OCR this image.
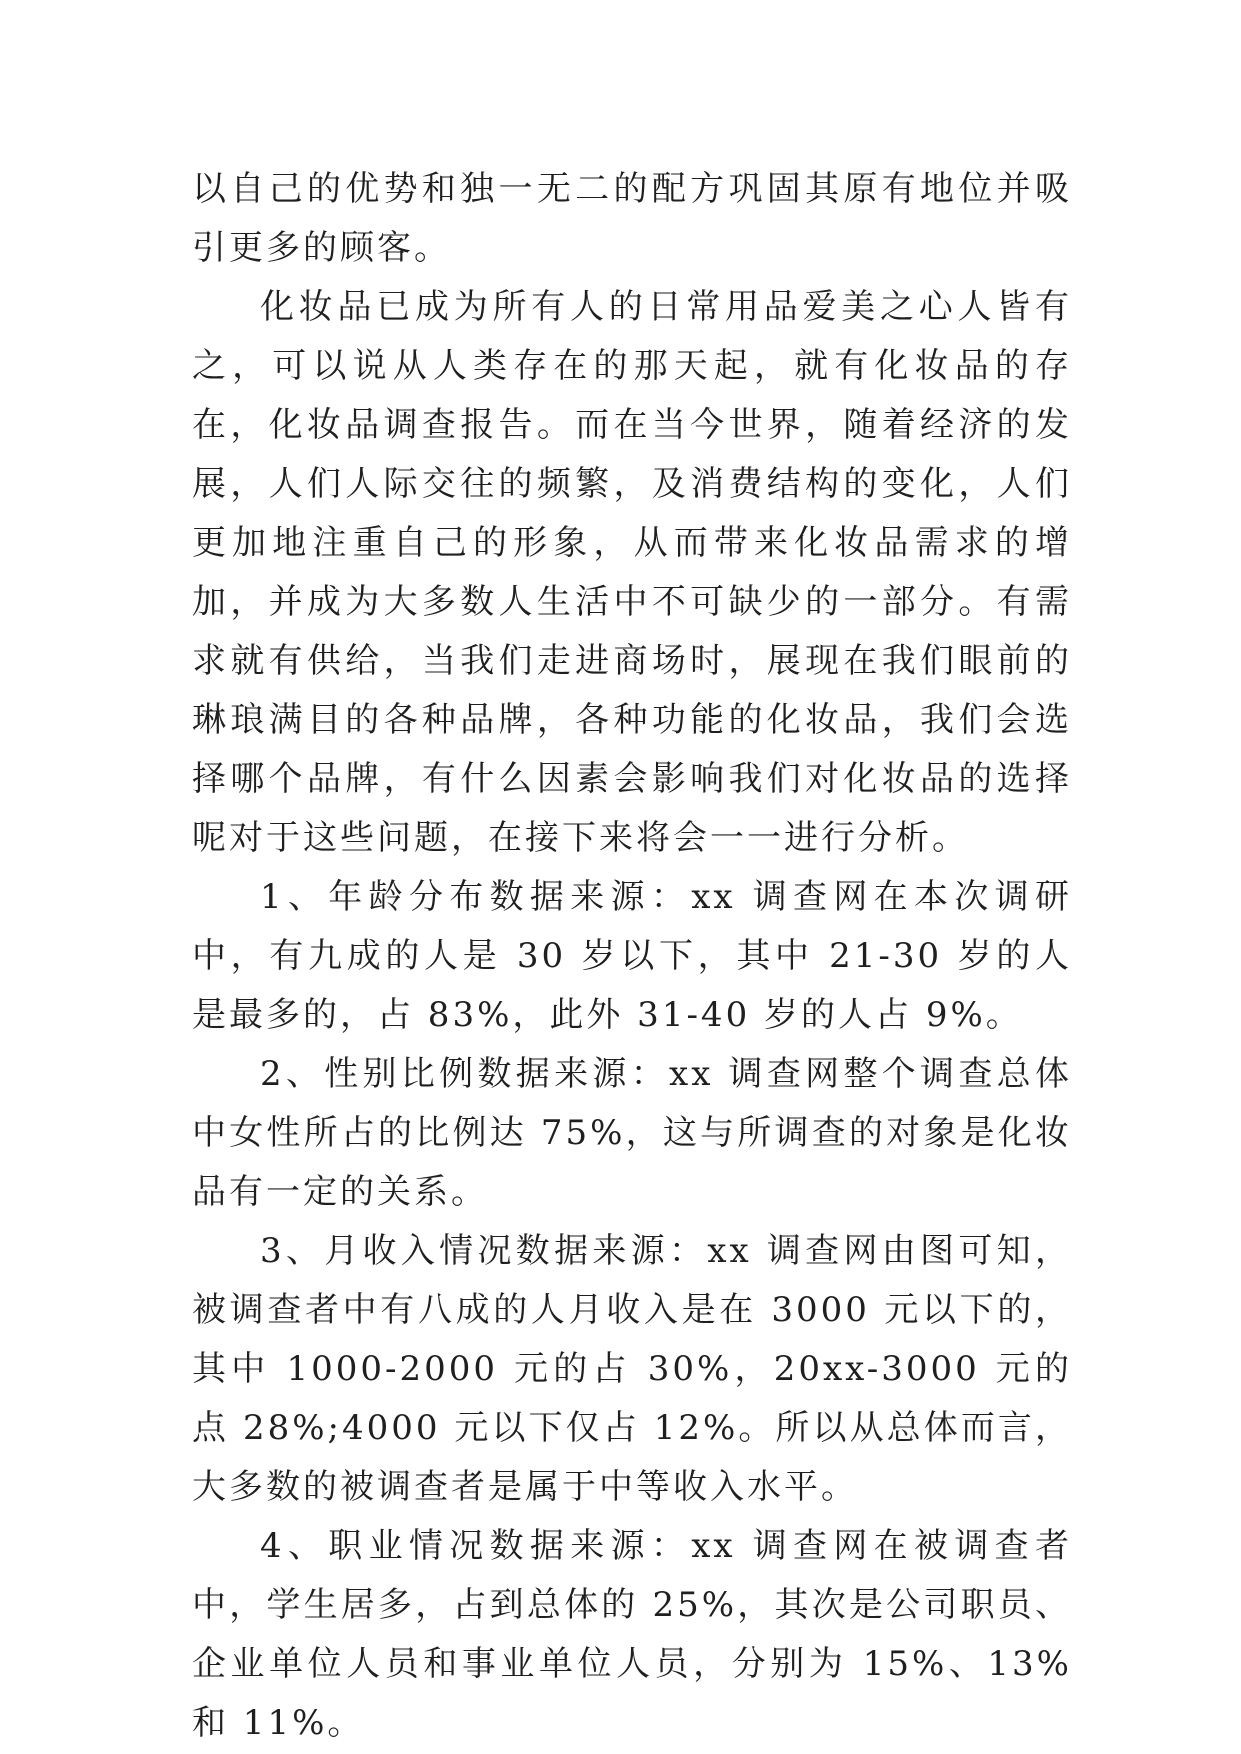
以自己的优势和独一无二的配方巩固其原有地位并吸引更多的顾客。

化妆品已成为所有人的日常用品爱美之心人皆有之，可以说从人类存在的那天起，就有化妆品的存在，化妆品调查报告。而在当今世界，随着经济的发展，人们人际交往的频繁，及消费结构的变化，人们更加地注重自己的形象，从而带来化妆品需求的增加，并成为大多数人生活中不可缺少的一部分。有需求就有供给，当我们走进商场时，展现在我们眼前的琳琅满目的各种品牌，各种功能的化妆品，我们会选择哪个品牌，有什么因素会影响我们对化妆品的选择呢对于这些问题，在接下来将会一一进行分析。

1、年龄分布数据来源：xx 调查网在本次调研中，有九成的人是 30 岁以下，其中 21-30 岁的人是最多的，占 83%，此外 31-40 岁的人占 9%。

2、性别比例数据来源：xx 调查网整个调查总体中女性所占的比例达 75%，这与所调查的对象是化妆品有一定的关系。

3、月收入情况数据来源：xx 调查网由图可知，被调查者中有八成的人月收入是在 3000 元以下的，其中 1000-2000 元的占 30%，20xx-3000 元的点 28%;4000 元以下仅占 12%。所以从总体而言，大多数的被调查者是属于中等收入水平。

4、职业情况数据来源：xx 调查网在被调查者中，学生居多，占到总体的 25%，其次是公司职员、企业单位人员和事业单位人员，分别为 15%、13%和 11%。
